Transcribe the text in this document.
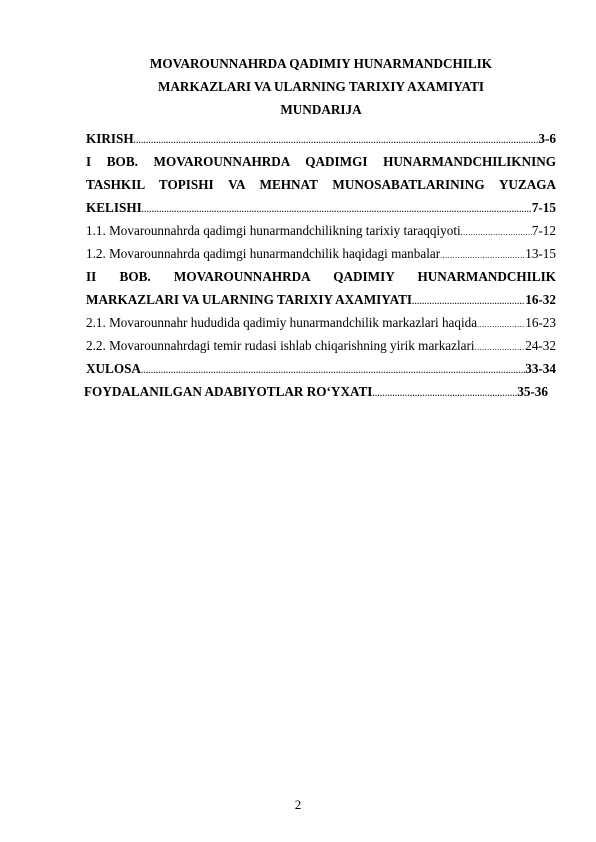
MOVAROUNNAHRDA QADIMIY HUNARMANDCHILIK
MARKAZLARI VA ULARNING TARIXIY AXAMIYATI
MUNDARIJA
KIRISH .....	3-6
I BOB. MOVAROUNNAHRDA QADIMGI HUNARMANDCHILIKNING
TASHKIL TOPISHI VA MEHNAT MUNOSABATLARINING YUZAGA
KELISHI .....	7-15
1.1. Movarounnahrda qadimgi hunarmandchilikning tarixiy taraqqiyoti .....	7-12
1.2. Movarounnahrda qadimgi hunarmandchilik haqidagi manbalar .....	13-15
II BOB. MOVAROUNNAHRDA QADIMIY HUNARMANDCHILIK
MARKAZLARI VA ULARNING TARIXIY AXAMIYATI .....	16-32
2.1. Movarounnahr hududida qadimiy hunarmandchilik markazlari haqida .....	16-23
2.2. Movarounnahrdagi temir rudasi ishlab chiqarishning yirik markazlari .....	24-32
XULOSA .....	33-34
FOYDALANILGAN ADABIYOTLAR RO‘YXATI .....	35-36
2
